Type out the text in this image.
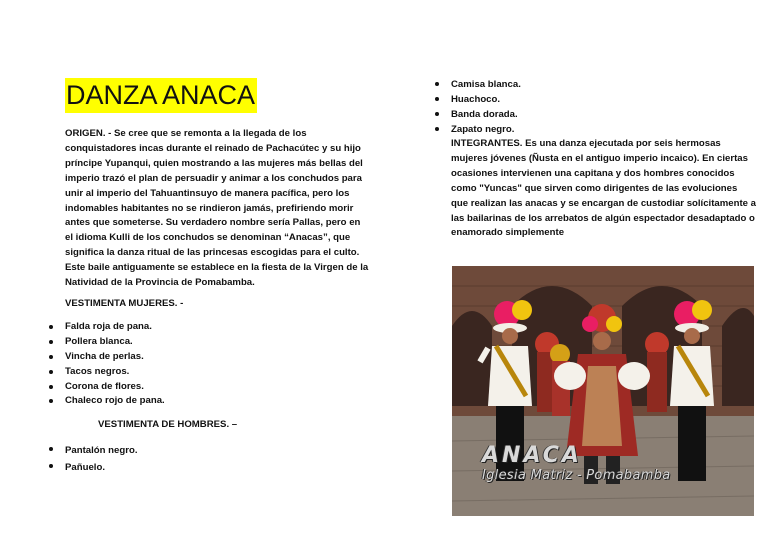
DANZA ANACA

ORIGEN. - Se cree que se remonta a la llegada de los conquistadores incas durante el reinado de Pachacútec y su hijo príncipe Yupanqui, quien mostrando a las mujeres más bellas del imperio trazó el plan de persuadir y animar a los conchudos para unir al imperio del Tahuantinsuyo de manera pacífica, pero los indomables habitantes no se rindieron jamás, prefiriendo morir antes que someterse. Su verdadero nombre sería Pallas, pero en el idioma Kulli de los conchudos se denominan “Anacas”, que significa la danza ritual de las princesas escogidas para el culto. Este baile antiguamente se establece en la fiesta de la Virgen de la Natividad de la Provincia de Pomabamba.

VESTIMENTA MUJERES. -

Falda roja de pana.
Pollera blanca.
Vincha de perlas.
Tacos negros.
Corona de flores.
Chaleco rojo de pana.

VESTIMENTA DE HOMBRES. –

Pantalón negro.
Pañuelo.
Camisa blanca.
Huachoco.
Banda dorada.
Zapato negro.

INTEGRANTES. Es una danza ejecutada por seis hermosas mujeres jóvenes (Ñusta en el antiguo imperio incaico). En ciertas ocasiones intervienen una capitana y dos hombres conocidos como "Yuncas" que sirven como dirigentes de las evoluciones que realizan las anacas y se encargan de custodiar solícitamente a las bailarinas de los arrebatos de algún espectador desadaptado o enamorado simplemente

ANACA
Iglesia Matriz - Pomabamba
